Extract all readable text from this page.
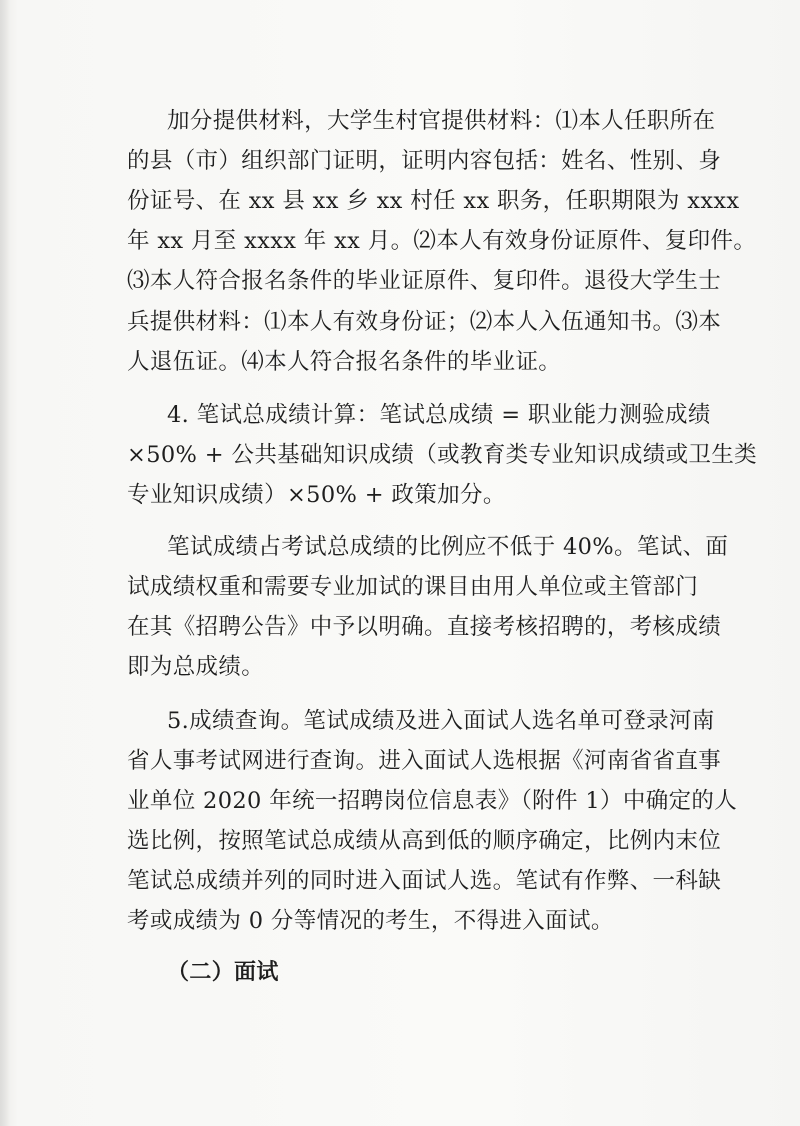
加分提供材料，大学生村官提供材料：⑴本人任职所在
的县（市）组织部门证明，证明内容包括：姓名、性别、身
份证号、在 xx 县 xx 乡 xx 村任 xx 职务，任职期限为 xxxx
年 xx 月至 xxxx 年 xx 月。⑵本人有效身份证原件、复印件。
⑶本人符合报名条件的毕业证原件、复印件。退役大学生士
兵提供材料：⑴本人有效身份证；⑵本人入伍通知书。⑶本
人退伍证。⑷本人符合报名条件的毕业证。
4. 笔试总成绩计算：笔试总成绩 = 职业能力测验成绩
×50% + 公共基础知识成绩（或教育类专业知识成绩或卫生类
专业知识成绩）×50% + 政策加分。
笔试成绩占考试总成绩的比例应不低于 40%。笔试、面
试成绩权重和需要专业加试的课目由用人单位或主管部门
在其《招聘公告》中予以明确。直接考核招聘的，考核成绩
即为总成绩。
5.成绩查询。笔试成绩及进入面试人选名单可登录河南
省人事考试网进行查询。进入面试人选根据《河南省省直事
业单位 2020 年统一招聘岗位信息表》（附件 1）中确定的人
选比例，按照笔试总成绩从高到低的顺序确定，比例内末位
笔试总成绩并列的同时进入面试人选。笔试有作弊、一科缺
考或成绩为 0 分等情况的考生，不得进入面试。
（二）面试
